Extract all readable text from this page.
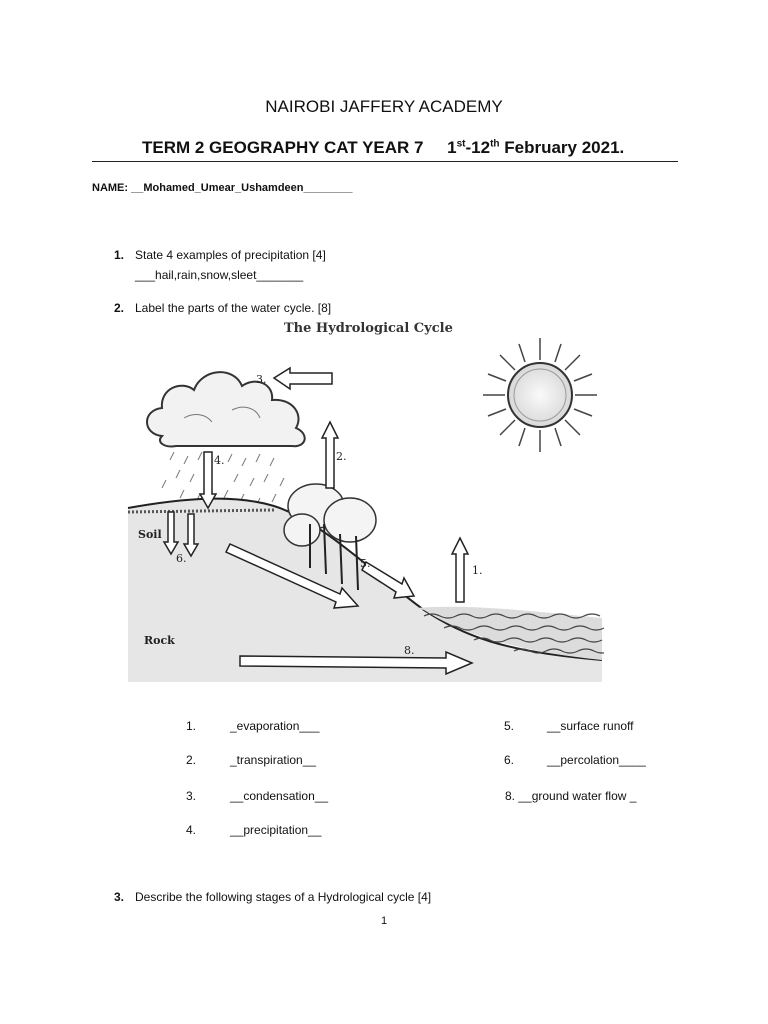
NAIROBI JAFFERY ACADEMY
TERM 2 GEOGRAPHY CAT YEAR 7 1st-12th February 2021.
NAME: __Mohamed_Umear_Ushamdeen________
1. State 4 examples of precipitation [4]
___hail,rain,snow,sleet_______
2. Label the parts of the water cycle. [8]
The Hydrological Cycle
3.
2.
4.
6.
1.
5.
8.
Soil
Rock
1.	_evaporation___	5.	__surface runoff
2.	_transpiration__	6.	__percolation____
3.	__condensation__	8. __ground water flow _
4.	__precipitation__
3. Describe the following stages of a Hydrological cycle [4]
1
